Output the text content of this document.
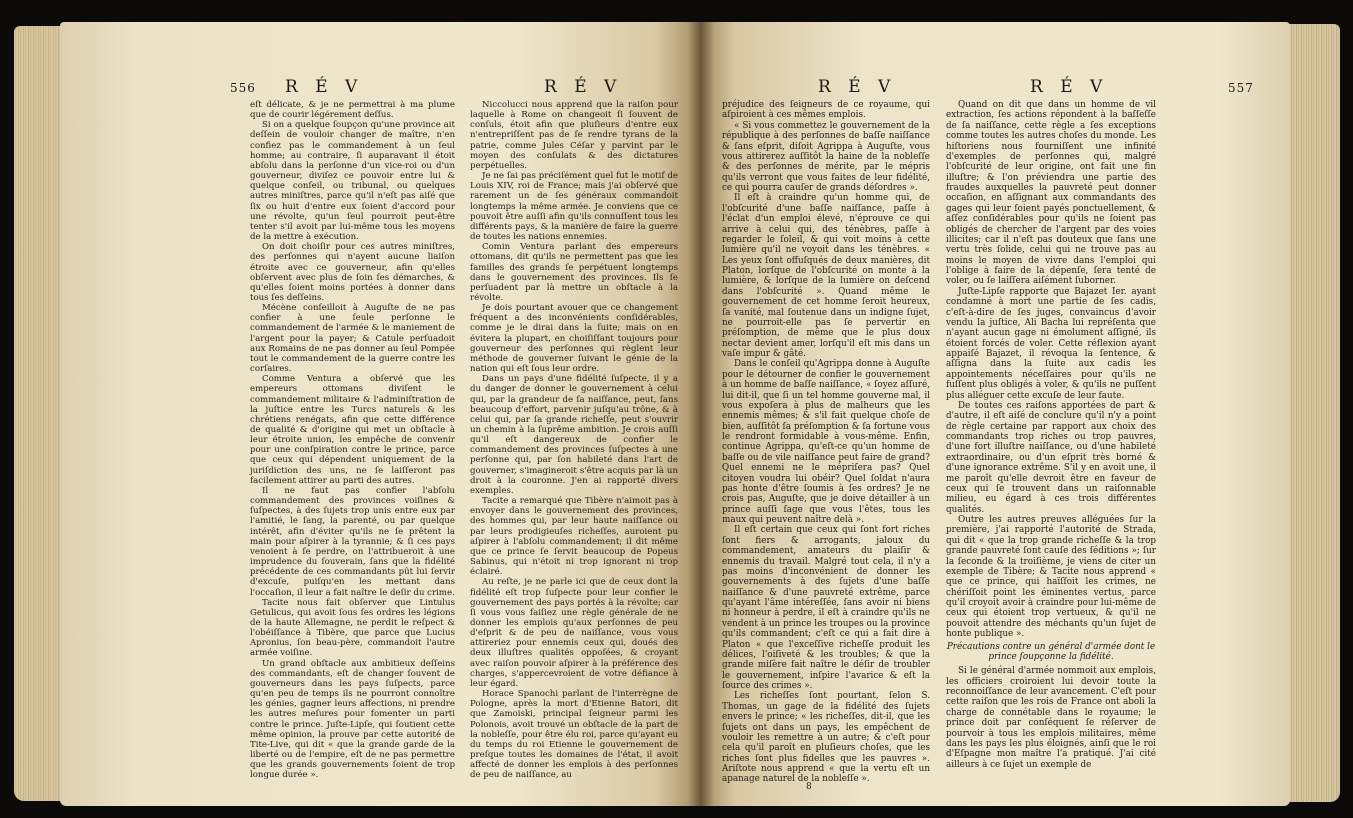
556 R É V	R É V

eſt délicate, & je ne permettrai à ma plume que de courir légérement deſſus.

Si on a quelque ſoupçon qu'une province ait deſſein de vouloir changer de maître, n'en confiez pas le commandement à un ſeul homme; au contraire, ſi auparavant il étoit abſolu dans la perſonne d'un vice-roi ou d'un gouverneur, diviſez ce pouvoir entre lui & quelque conſeil, ou tribunal, ou quelques autres miniſtres, parce qu'il n'eſt pas aiſé que ſix ou huit d'entre eux ſoient d'accord pour une révolte, qu'un ſeul pourroit peut-être tenter s'il avoit par lui-même tous les moyens de la mettre à exécution.

On doit choiſir pour ces autres miniſtres, des perſonnes qui n'ayent aucune liaiſon étroite avec ce gouverneur, afin qu'elles obſervent avec plus de ſoin ſes démarches, & qu'elles ſoient moins portées à donner dans tous ſes deſſeins.

Mécène conſeilloit à Auguſte de ne pas confier à une ſeule perſonne le commandement de l'armée & le maniement de l'argent pour la payer; & Catule perſuadoit aux Romains de ne pas donner au ſeul Pompée tout le commandement de la guerre contre les corſaires.

Comme Ventura a obſervé que les empereurs ottomans diviſent le commandement militaire & l'adminiſtration de la juſtice entre les Turcs naturels & les chrétiens renégats, afin que cette différence de qualité & d'origine qui met un obſtacle à leur étroite union, les empêche de convenir pour une conſpiration contre le prince, parce que ceux qui dépendent uniquement de la juriſdiction des uns, ne ſe laiſſeront pas facilement attirer au parti des autres.

Il ne faut pas confier l'abſolu commandement des provinces voiſines & ſuſpectes, à des ſujets trop unis entre eux par l'amitié, le ſang, la parenté, ou par quelque intérêt, afin d'éviter qu'ils ne ſe prêtent la main pour aſpirer à la tyrannie; & ſi ces pays venoient à ſe perdre, on l'attribueroit à une imprudence du ſouverain, ſans que la fidélité précédente de ces commandants pût lui ſervir d'excuſe, puiſqu'en les mettant dans l'occaſion, il leur a fait naître le deſir du crime.

Tacite nous fait obſerver que Lintulus Getulicus, qui avoit ſous ſes ordres les légions de la haute Allemagne, ne perdit le reſpect & l'obéiſſance à Tibère, que parce que Lucius Apronius, ſon beau-père, commandoit l'autre armée voiſine.

Un grand obſtacle aux ambitieux deſſeins des commandants, eſt de changer ſouvent de gouverneurs dans les pays ſuſpects, parce qu'en peu de temps ils ne pourront connoître les génies, gagner leurs affections, ni prendre les autres meſures pour fomenter un parti contre le prince. Juſte-Lipſe, qui ſoutient cette même opinion, la prouve par cette autorité de Tite-Live, qui dit « que la grande garde de la liberté ou de l'empire, eſt de ne pas permettre que les grands gouvernements ſoient de trop longue durée ».

Niccolucci nous apprend que la raiſon pour laquelle à Rome on changeoit ſi ſouvent de conſuls, étoit afin que pluſieurs d'entre eux n'entrepriſſent pas de ſe rendre tyrans de la patrie, comme Jules Céſar y parvint par le moyen des conſulats & des dictatures perpétuelles.

Je ne ſai pas préciſément quel fut le motif de Louis XIV, roi de France; mais j'ai obſervé que rarement un de ſes généraux commandoit longtemps la même armée. Je conviens que ce pouvoit être auſſi afin qu'ils connuſſent tous les différents pays, & la manière de faire la guerre de toutes les nations ennemies.

Comin Ventura parlant des empereurs ottomans, dit qu'ils ne permettent pas que les familles des grands ſe perpétuent longtemps dans le gouvernement des provinces. Ils ſe perſuadent par là mettre un obſtacle à la révolte.

Je dois pourtant avouer que ce changement fréquent a des inconvénients conſidérables, comme je le dirai dans la ſuite; mais on en évitera la plupart, en choiſiſſant toujours pour gouverneur des perſonnes qui règlent leur méthode de gouverner ſuivant le génie de la nation qui eſt ſous leur ordre.

Dans un pays d'une fidélité ſuſpecte, il y a du danger de donner le gouvernement à celui qui, par la grandeur de ſa naiſſance, peut, ſans beaucoup d'effort, parvenir juſqu'au trône, & à celui qui, par ſa grande richeſſe, peut s'ouvrir un chemin à la ſuprême ambition. Je crois auſſi qu'il eſt dangereux de confier le commandement des provinces ſuſpectes à une perſonne qui, par ſon habileté dans l'art de gouverner, s'imagineroit s'être acquis par là un droit à la couronne. J'en ai rapporté divers exemples.

Tacite a remarqué que Tibère n'aimoit pas à envoyer dans le gouvernement des provinces, des hommes qui, par leur haute naiſſance ou par leurs prodigieuſes richeſſes, auroient pu aſpirer à l'abſolu commandement; il dit même que ce prince ſe ſervit beaucoup de Popeus Sabinus, qui n'étoit ni trop ignorant ni trop éclairé.

Au reſte, je ne parle ici que de ceux dont la fidélité eſt trop ſuſpecte pour leur confier le gouvernement des pays portés à la révolte; car ſi vous vous faiſiez une règle générale de ne donner les emplois qu'aux perſonnes de peu d'eſprit & de peu de naiſſance, vous vous attireriez pour ennemis ceux qui, doués des deux illuſtres qualités oppoſées, & croyant avec raiſon pouvoir aſpirer à la préférence des charges, s'appercevroient de votre défiance à leur égard.

Horace Spanochi parlant de l'interrègne de Pologne, après la mort d'Etienne Batori, dit que Zamoiski, principal ſeigneur parmi les Polonois, avoit trouvé un obſtacle de la part de la nobleſſe, pour être élu roi, parce qu'ayant eu du temps du roi Etienne le gouvernement de preſque toutes les domaines de l'état, il avoit affecté de donner les emplois à des perſonnes de peu de naiſſance, au

R É V	R É V	557

préjudice des ſeigneurs de ce royaume, qui aſpiroient à ces mêmes emplois.

« Si vous commettez le gouvernement de la république à des perſonnes de baſſe naiſſance & ſans eſprit, diſoit Agrippa à Auguſte, vous vous attirerez auſſitôt la haine de la nobleſſe & des perſonnes de mérite, par le mépris qu'ils verront que vous faites de leur fidélité, ce qui pourra cauſer de grands déſordres ».

Il eſt à craindre qu'un homme qui, de l'obſcurité d'une baſſe naiſſance, paſſe à l'éclat d'un emploi élevé, n'éprouve ce qui arrive à celui qui, des ténèbres, paſſe à regarder le ſoleil, & qui voit moins à cette lumière qu'il ne voyoit dans les ténèbres. « Les yeux ſont offuſqués de deux manières, dit Platon, lorſque de l'obſcurité on monte à la lumière, & lorſque de la lumière on deſcend dans l'obſcurité ». Quand même le gouvernement de cet homme ſeroit heureux, ſa vanité, mal ſoutenue dans un indigne ſujet, ne pourroit-elle pas ſe pervertir en préſomption, de même que le plus doux nectar devient amer, lorſqu'il eſt mis dans un vaſe impur & gâté.

Dans le conſeil qu'Agrippa donne à Auguſte pour le détourner de confier le gouvernement à un homme de baſſe naiſſance, « ſoyez aſſuré, lui dit-il, que ſi un tel homme gouverne mal, il vous expoſera à plus de malheurs que les ennemis mêmes; & s'il fait quelque choſe de bien, auſſitôt ſa préſomption & ſa fortune vous le rendront formidable à vous-même. Enfin, continue Agrippa, qu'eſt-ce qu'un homme de baſſe ou de vile naiſſance peut faire de grand? Quel ennemi ne le mépriſera pas? Quel citoyen voudra lui obéir? Quel ſoldat n'aura pas honte d'être ſoumis à ſes ordres? Je ne crois pas, Auguſte, que je doive détailler à un prince auſſi ſage que vous l'êtes, tous les maux qui peuvent naître delà ».

Il eſt certain que ceux qui ſont fort riches ſont fiers & arrogants, jaloux du commandement, amateurs du plaiſir & ennemis du travail. Malgré tout cela, il n'y a pas moins d'inconvénient de donner les gouvernements à des ſujets d'une baſſe naiſſance & d'une pauvreté extrême, parce qu'ayant l'âme intéreſſée, ſans avoir ni biens ni honneur à perdre, il eſt à craindre qu'ils ne vendent à un prince les troupes ou la province qu'ils commandent; c'eſt ce qui a fait dire à Platon « que l'exceſſive richeſſe produit les délices, l'oiſiveté & les troubles; & que la grande miſère fait naître le déſir de troubler le gouvernement, inſpire l'avarice & eſt la ſource des crimes ».

Les richeſſes ſont pourtant, ſelon S. Thomas, un gage de la fidélité des ſujets envers le prince; « les richeſſes, dit-il, que les ſujets ont dans un pays, les empêchent de vouloir les remettre à un autre; & c'eſt pour cela qu'il paroît en pluſieurs choſes, que les riches ſont plus fidelles que les pauvres ». Ariſtote nous apprend « que la vertu eſt un apanage naturel de la nobleſſe ».

Quand on dit que dans un homme de vil extraction, ſes actions répondent à la baſſeſſe de ſa naiſſance, cette règle a ſes exceptions comme toutes les autres choſes du monde. Les hiſtoriens nous fourniſſent une infinité d'exemples de perſonnes qui, malgré l'obſcurité de leur origine, ont fait une fin illuſtre; & l'on préviendra une partie des fraudes auxquelles la pauvreté peut donner occaſion, en aſſignant aux commandants des gages qui leur ſoient payés ponctuellement, & aſſez conſidérables pour qu'ils ne ſoient pas obligés de chercher de l'argent par des voies illicites; car il n'eſt pas douteux que ſans une vertu très ſolide, celui qui ne trouve pas au moins le moyen de vivre dans l'emploi qui l'oblige à faire de la dépenſe, ſera tenté de voler, ou ſe laiſſera aiſément ſuborner.

Juſte-Lipſe rapporte que Bajazet Ier. ayant condamné à mort une partie de ſes cadis, c'eſt-à-dire de ſes juges, convaincus d'avoir vendu la juſtice, Ali Bacha lui repréſenta que n'ayant aucun gage ni émolument aſſigné, ils étoient forcés de voler. Cette réflexion ayant appaiſé Bajazet, il révoqua la ſentence, & aſſigna dans la ſuite aux cadis les appointements néceſſaires pour qu'ils ne fuſſent plus obligés à voler, & qu'ils ne puſſent plus alléguer cette excuſe de leur faute.

De toutes ces raiſons apportées de part & d'autre, il eſt aiſé de conclure qu'il n'y a point de règle certaine par rapport aux choix des commandants trop riches ou trop pauvres, d'une fort illuſtre naiſſance, ou d'une habileté extraordinaire, ou d'un eſprit très borné & d'une ignorance extrême. S'il y en avoit une, il me paroît qu'elle devroit être en faveur de ceux qui ſe trouvent dans un raiſonnable milieu, eu égard à ces trois différentes qualités.

Outre les autres preuves alléguées ſur la première, j'ai rapporté l'autorité de Strada, qui dit « que la trop grande richeſſe & la trop grande pauvreté ſont cauſe des ſéditions »; ſur la ſeconde & la troiſième, je viens de citer un exemple de Tibère; & Tacite nous apprend « que ce prince, qui haïſſoit les crimes, ne chériſſoit point les éminentes vertus, parce qu'il croyoit avoir à craindre pour lui-même de ceux qui étoient trop vertueux, & qu'il ne pouvoit attendre des méchants qu'un ſujet de honte publique ».

Précautions contre un général d'armée dont le prince ſoupçonne la fidélité.

Si le général d'armée nommoit aux emplois, les officiers croiroient lui devoir toute la reconnoiſſance de leur avancement. C'eſt pour cette raiſon que les rois de France ont aboli la charge de connétable dans le royaume; le prince doit par conſéquent ſe réſerver de pourvoir à tous les emplois militaires, même dans les pays les plus éloignés, ainſi que le roi d'Eſpagne mon maître l'a pratiqué. J'ai cité ailleurs à ce ſujet un exemple de

8
